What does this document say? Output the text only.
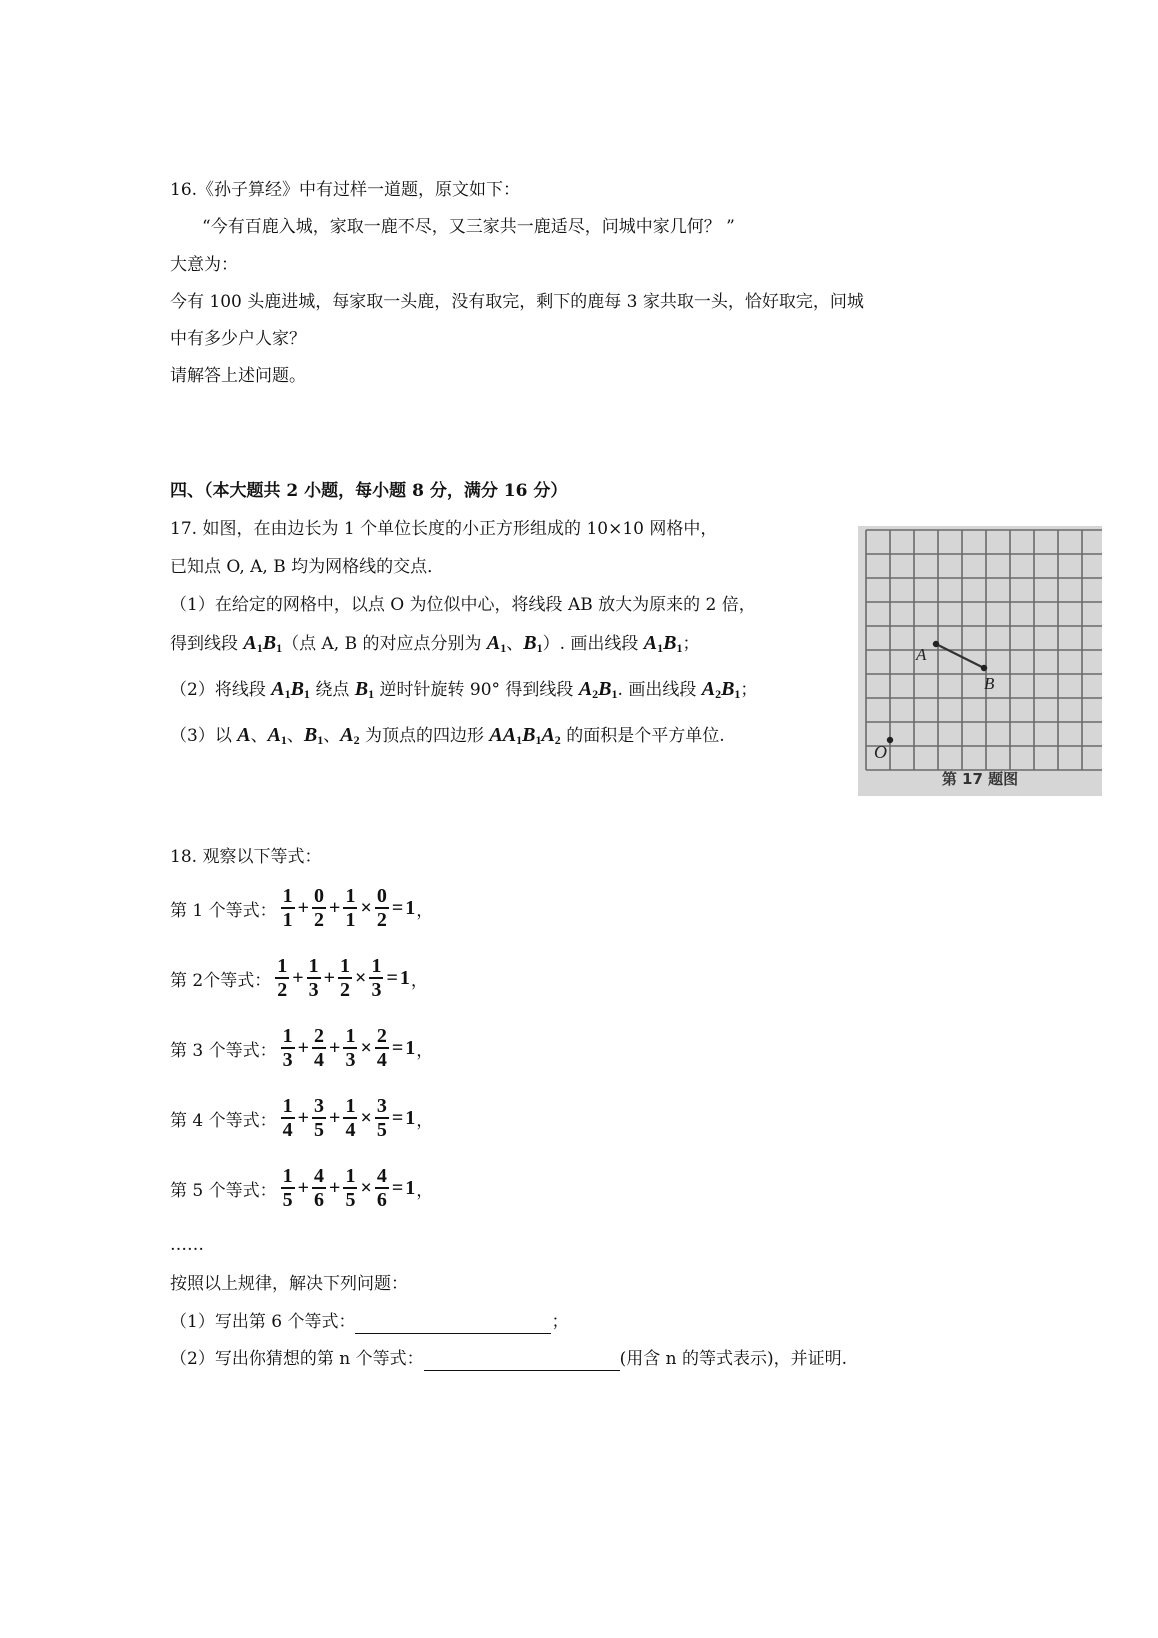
16.《孙子算经》中有过样一道题，原文如下：
“今有百鹿入城，家取一鹿不尽，又三家共一鹿适尽，问城中家几何？ ”
大意为：
今有 100 头鹿进城，每家取一头鹿，没有取完，剩下的鹿每 3 家共取一头，恰好取完，问城
中有多少户人家？
请解答上述问题。
四、（本大题共 2 小题，每小题 8 分，满分 16 分）
17. 如图，在由边长为 1 个单位长度的小正方形组成的 10×10 网格中，
已知点 O, A, B 均为网格线的交点．
（1）在给定的网格中，以点 O 为位似中心，将线段 AB 放大为原来的 2 倍，
得到线段 $A_1B_1$（点 A, B 的对应点分别为 $A_1$、$B_1$）. 画出线段 $A_1B_1$；
（2）将线段 $A_1B_1$ 绕点 $B_1$ 逆时针旋转 90° 得到线段 $A_2B_1$. 画出线段 $A_2B_1$；
（3）以 A、$A_1$、$B_1$、$A_2$ 为顶点的四边形 $AA_1B_1A_2$ 的面积是个平方单位.
A
B
O
第 17 题图
18. 观察以下等式：
第 1 个等式： $\frac{1}{1} + \frac{0}{2} + \frac{1}{1} \times \frac{0}{2} = 1$ ，
第 2个等式： $\frac{1}{2} + \frac{1}{3} + \frac{1}{2} \times \frac{1}{3} = 1$ ，
第 3 个等式： $\frac{1}{3} + \frac{2}{4} + \frac{1}{3} \times \frac{2}{4} = 1$ ，
第 4 个等式： $\frac{1}{4} + \frac{3}{5} + \frac{1}{4} \times \frac{3}{5} = 1$ ，
第 5 个等式： $\frac{1}{5} + \frac{4}{6} + \frac{1}{5} \times \frac{4}{6} = 1$ ，
……
按照以上规律，解决下列问题：
（1）写出第 6 个等式：	；
（2）写出你猜想的第 n 个等式：	(用含 n 的等式表示)，并证明.
